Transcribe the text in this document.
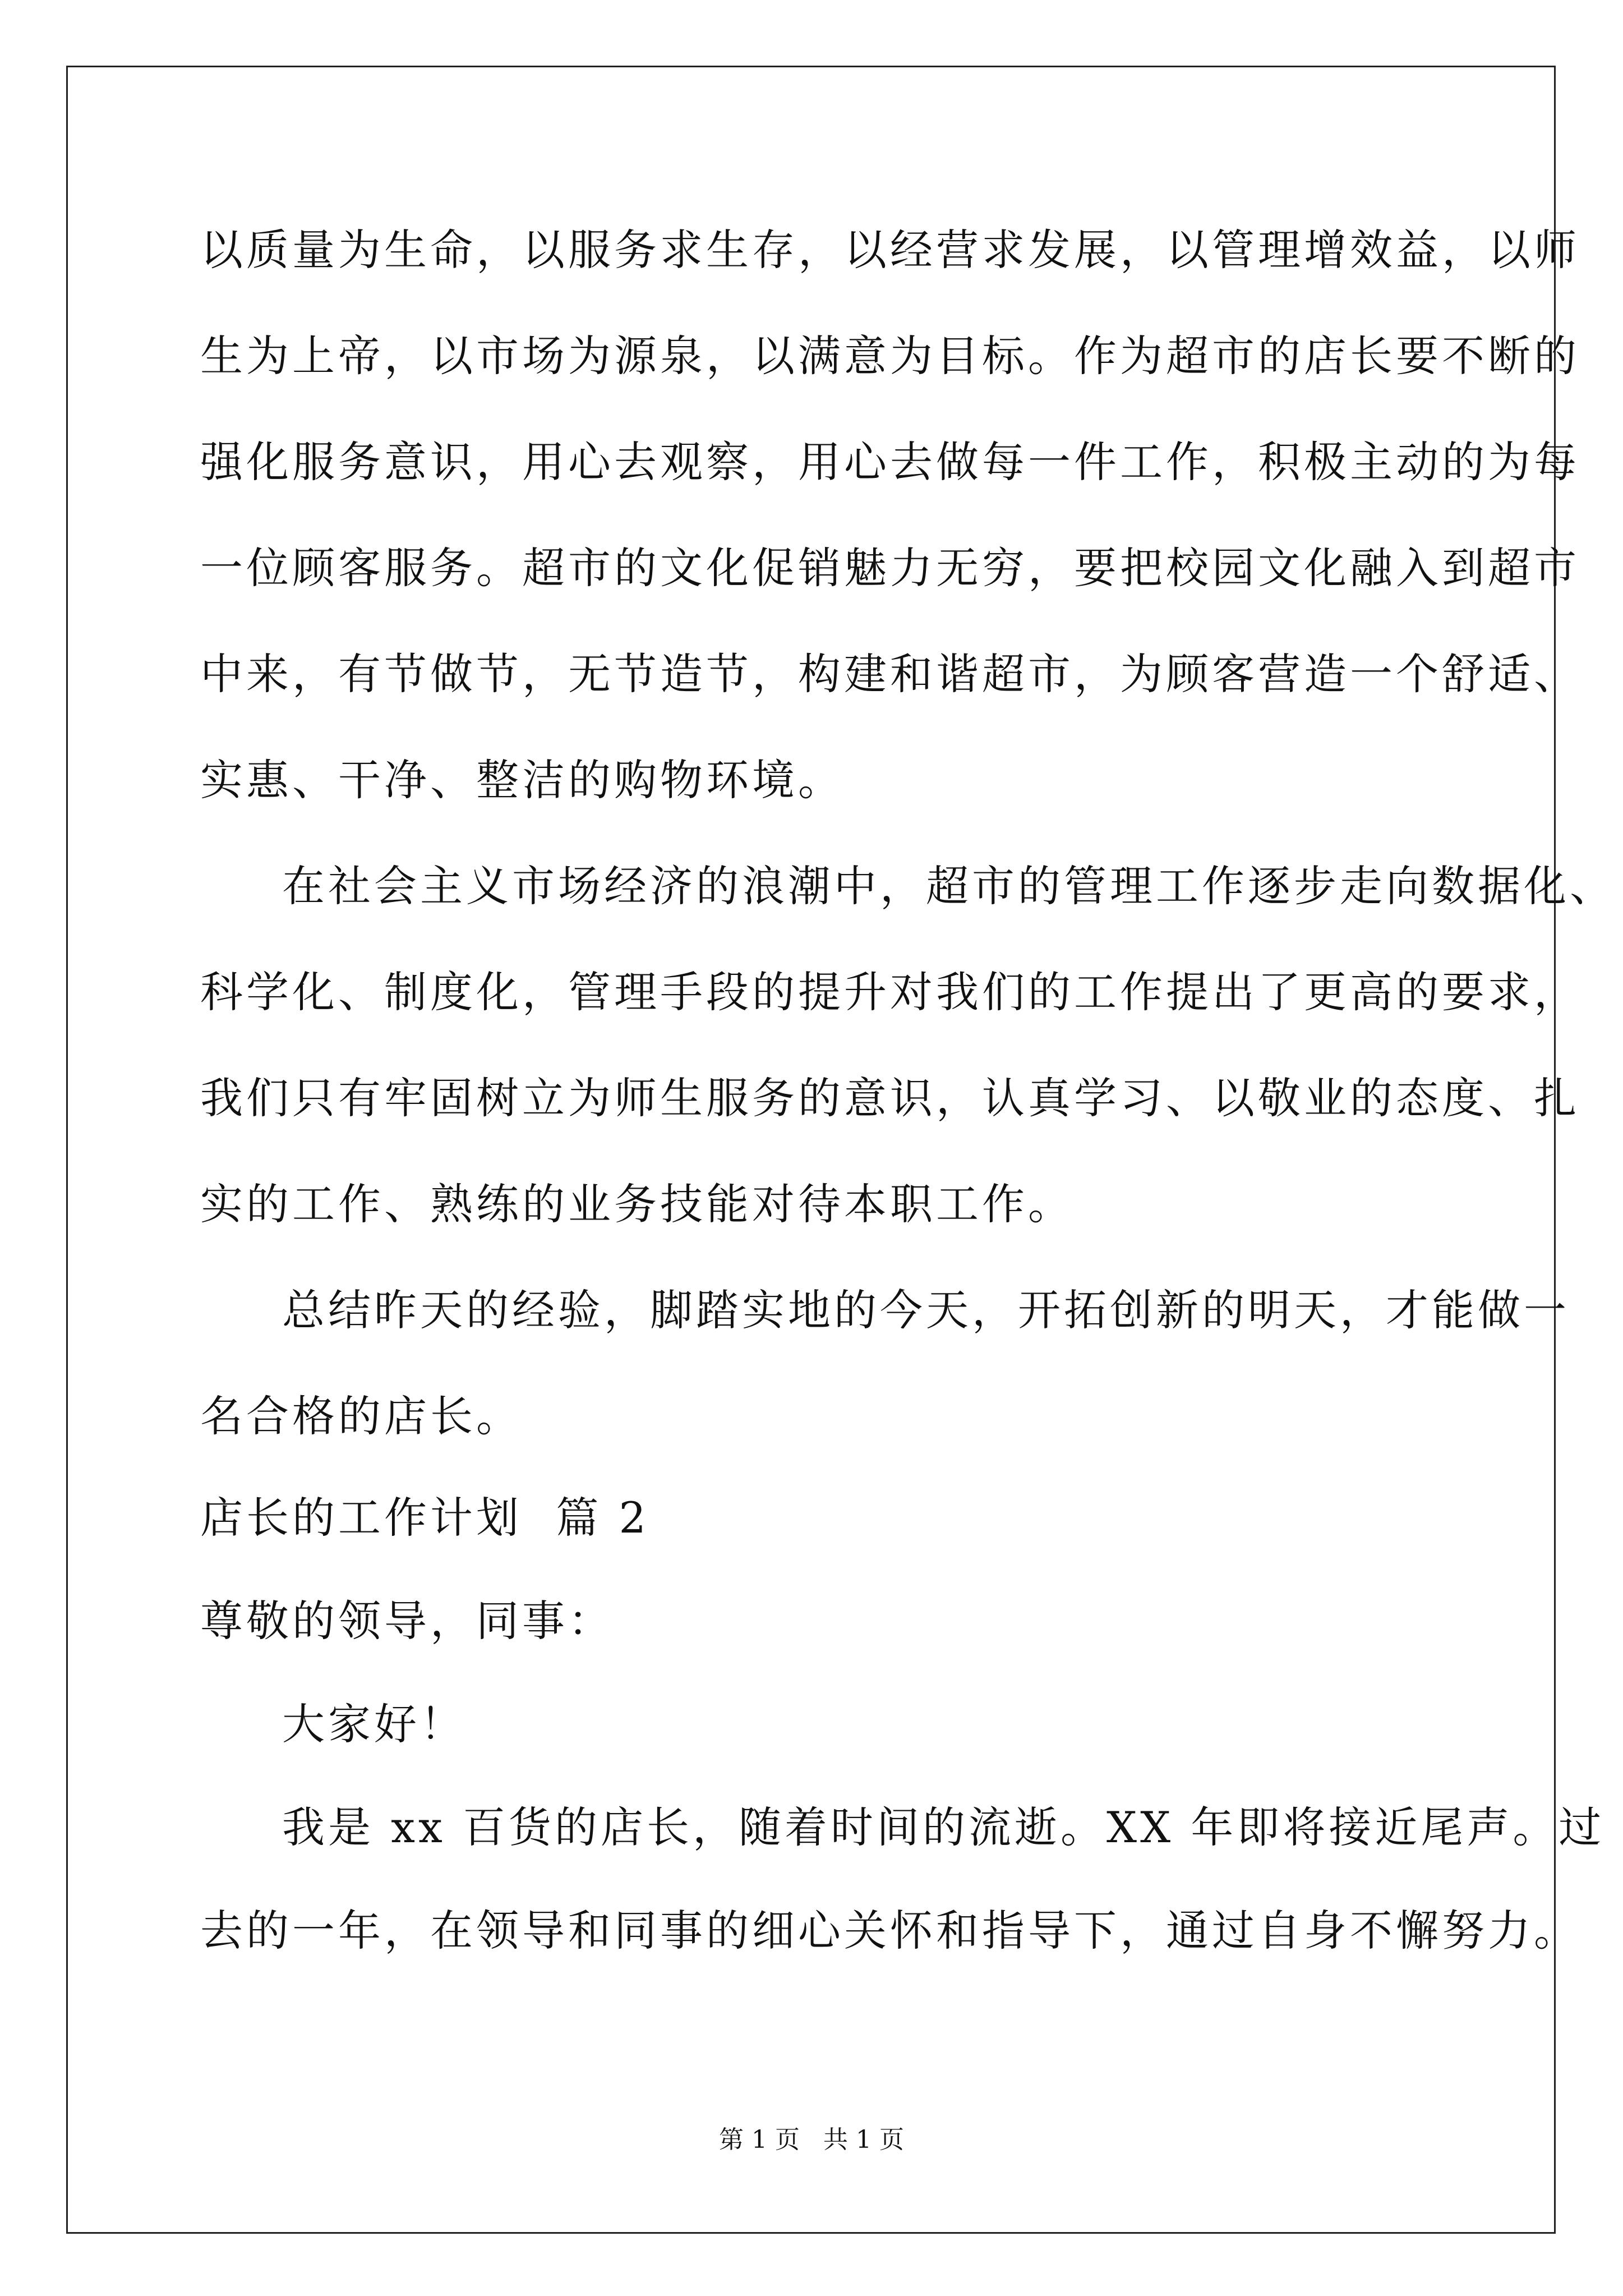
以质量为生命，以服务求生存，以经营求发展，以管理增效益，以师
生为上帝，以市场为源泉，以满意为目标。作为超市的店长要不断的
强化服务意识，用心去观察，用心去做每一件工作，积极主动的为每
一位顾客服务。超市的文化促销魅力无穷，要把校园文化融入到超市
中来，有节做节，无节造节，构建和谐超市，为顾客营造一个舒适、
实惠、干净、整洁的购物环境。
在社会主义市场经济的浪潮中，超市的管理工作逐步走向数据化、
科学化、制度化，管理手段的提升对我们的工作提出了更高的要求，
我们只有牢固树立为师生服务的意识，认真学习、以敬业的态度、扎
实的工作、熟练的业务技能对待本职工作。
总结昨天的经验，脚踏实地的今天，开拓创新的明天，才能做一
名合格的店长。
店长的工作计划  篇 2
尊敬的领导，同事：
大家好！
我是 xx 百货的店长，随着时间的流逝。XX 年即将接近尾声。过
去的一年，在领导和同事的细心关怀和指导下，通过自身不懈努力。
第 1 页   共 1 页
